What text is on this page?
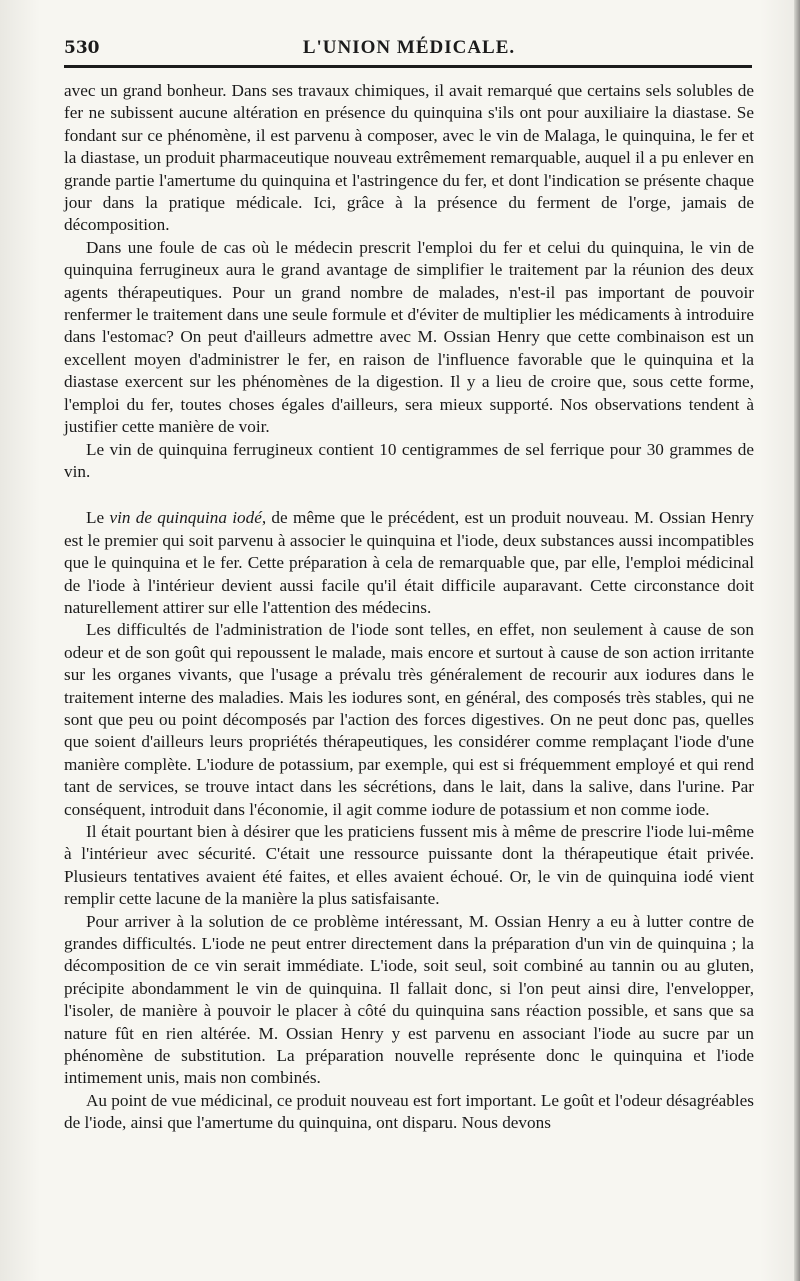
530	L'UNION MÉDICALE.

avec un grand bonheur. Dans ses travaux chimiques, il avait remarqué que certains sels solubles de fer ne subissent aucune altération en présence du quinquina s'ils ont pour auxiliaire la diastase. Se fondant sur ce phénomène, il est parvenu à composer, avec le vin de Malaga, le quinquina, le fer et la diastase, un produit pharmaceutique nouveau extrêmement remarquable, auquel il a pu enlever en grande partie l'amertume du quinquina et l'astringence du fer, et dont l'indication se présente chaque jour dans la pratique médicale. Ici, grâce à la présence du ferment de l'orge, jamais de décomposition.

Dans une foule de cas où le médecin prescrit l'emploi du fer et celui du quinquina, le vin de quinquina ferrugineux aura le grand avantage de simplifier le traitement par la réunion des deux agents thérapeutiques. Pour un grand nombre de malades, n'est-il pas important de pouvoir renfermer le traitement dans une seule formule et d'éviter de multiplier les médicaments à introduire dans l'estomac? On peut d'ailleurs admettre avec M. Ossian Henry que cette combinaison est un excellent moyen d'administrer le fer, en raison de l'influence favorable que le quinquina et la diastase exercent sur les phénomènes de la digestion. Il y a lieu de croire que, sous cette forme, l'emploi du fer, toutes choses égales d'ailleurs, sera mieux supporté. Nos observations tendent à justifier cette manière de voir.

Le vin de quinquina ferrugineux contient 10 centigrammes de sel ferrique pour 30 grammes de vin.

Le vin de quinquina iodé, de même que le précédent, est un produit nouveau. M. Ossian Henry est le premier qui soit parvenu à associer le quinquina et l'iode, deux substances aussi incompatibles que le quinquina et le fer. Cette préparation à cela de remarquable que, par elle, l'emploi médicinal de l'iode à l'intérieur devient aussi facile qu'il était difficile auparavant. Cette circonstance doit naturellement attirer sur elle l'attention des médecins.

Les difficultés de l'administration de l'iode sont telles, en effet, non seulement à cause de son odeur et de son goût qui repoussent le malade, mais encore et surtout à cause de son action irritante sur les organes vivants, que l'usage a prévalu très généralement de recourir aux iodures dans le traitement interne des maladies. Mais les iodures sont, en général, des composés très stables, qui ne sont que peu ou point décomposés par l'action des forces digestives. On ne peut donc pas, quelles que soient d'ailleurs leurs propriétés thérapeutiques, les considérer comme remplaçant l'iode d'une manière complète. L'iodure de potassium, par exemple, qui est si fréquemment employé et qui rend tant de services, se trouve intact dans les sécrétions, dans le lait, dans la salive, dans l'urine. Par conséquent, introduit dans l'économie, il agit comme iodure de potassium et non comme iode.

Il était pourtant bien à désirer que les praticiens fussent mis à même de prescrire l'iode lui-même à l'intérieur avec sécurité. C'était une ressource puissante dont la thérapeutique était privée. Plusieurs tentatives avaient été faites, et elles avaient échoué. Or, le vin de quinquina iodé vient remplir cette lacune de la manière la plus satisfaisante.

Pour arriver à la solution de ce problème intéressant, M. Ossian Henry a eu à lutter contre de grandes difficultés. L'iode ne peut entrer directement dans la préparation d'un vin de quinquina ; la décomposition de ce vin serait immédiate. L'iode, soit seul, soit combiné au tannin ou au gluten, précipite abondamment le vin de quinquina. Il fallait donc, si l'on peut ainsi dire, l'envelopper, l'isoler, de manière à pouvoir le placer à côté du quinquina sans réaction possible, et sans que sa nature fût en rien altérée. M. Ossian Henry y est parvenu en associant l'iode au sucre par un phénomène de substitution. La préparation nouvelle représente donc le quinquina et l'iode intimement unis, mais non combinés.

Au point de vue médicinal, ce produit nouveau est fort important. Le goût et l'odeur désagréables de l'iode, ainsi que l'amertume du quinquina, ont disparu. Nous devons
